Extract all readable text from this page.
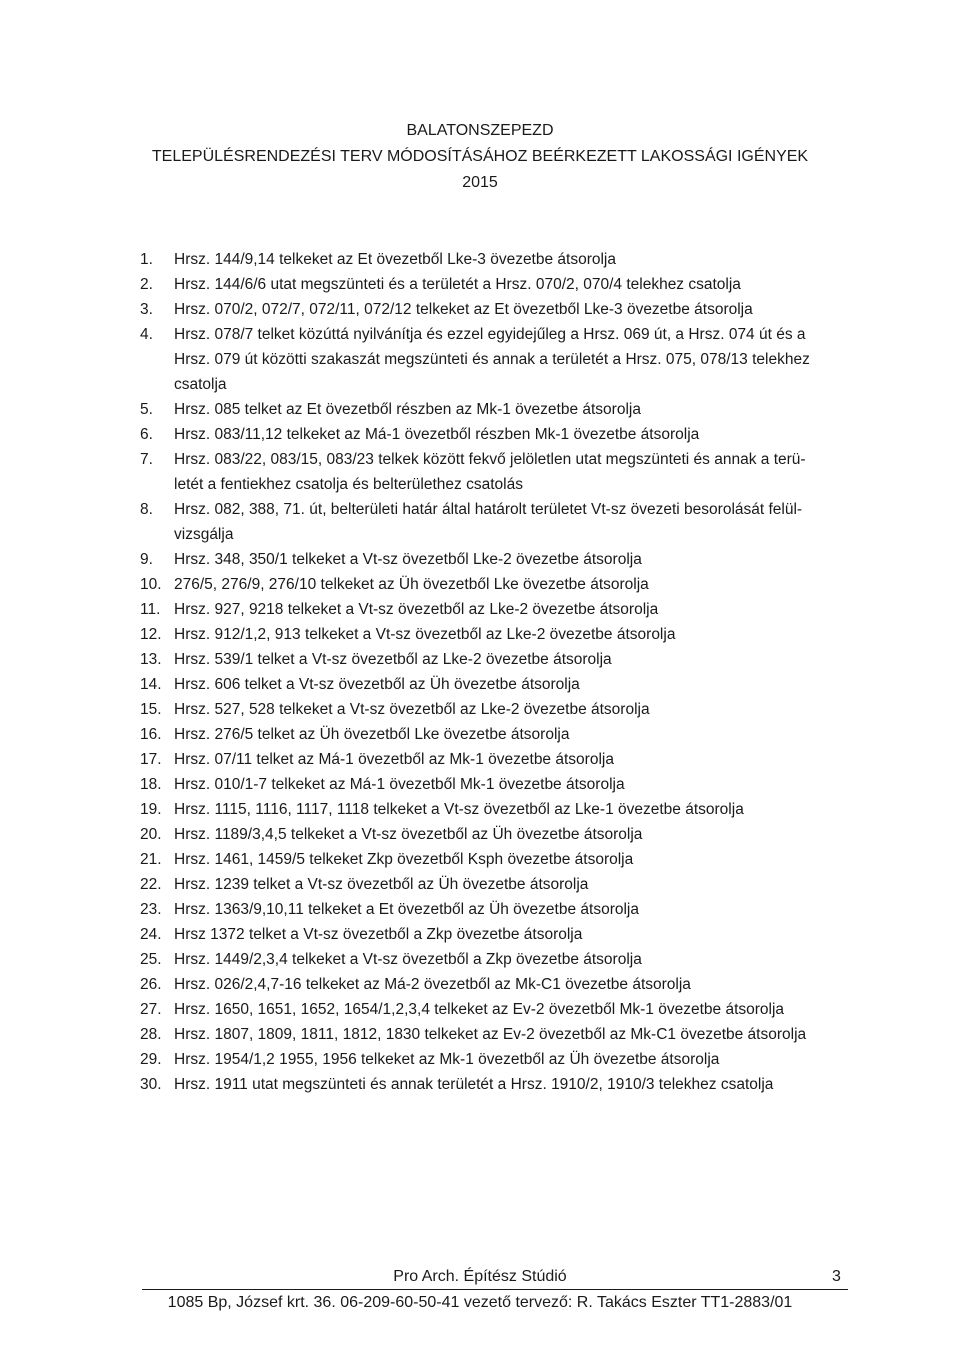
BALATONSZEPEZD
TELEPÜLÉSRENDEZÉSI TERV MÓDOSÍTÁSÁHOZ BEÉRKEZETT LAKOSSÁGI IGÉNYEK
2015
1.	Hrsz. 144/9,14 telkeket az Et övezetből Lke-3 övezetbe átsorolja
2.	Hrsz. 144/6/6 utat megszünteti és a területét a Hrsz. 070/2, 070/4 telekhez csatolja
3.	Hrsz. 070/2, 072/7, 072/11, 072/12 telkeket az Et övezetből Lke-3 övezetbe átsorolja
4.	Hrsz. 078/7 telket közúttá nyilvánítja és ezzel egyidejűleg a Hrsz. 069 út, a Hrsz. 074 út és a
Hrsz. 079 út közötti szakaszát megszünteti és annak a területét a Hrsz. 075, 078/13 telekhez
csatolja
5.	Hrsz. 085 telket az Et övezetből részben az Mk-1 övezetbe átsorolja
6.	Hrsz. 083/11,12 telkeket az Má-1 övezetből részben Mk-1 övezetbe átsorolja
7.	Hrsz. 083/22, 083/15, 083/23 telkek között fekvő jelöletlen utat megszünteti és annak a terü-
letét a fentiekhez csatolja és belterülethez csatolás
8.	Hrsz. 082, 388, 71. út, belterületi határ által határolt területet Vt-sz övezeti besorolását felül-
vizsgálja
9.	Hrsz. 348, 350/1 telkeket a Vt-sz övezetből Lke-2 övezetbe átsorolja
10. 276/5, 276/9, 276/10 telkeket az Üh övezetből Lke övezetbe átsorolja
11. Hrsz. 927, 9218 telkeket a Vt-sz övezetből az Lke-2 övezetbe átsorolja
12. Hrsz. 912/1,2, 913 telkeket a Vt-sz övezetből az Lke-2 övezetbe átsorolja
13. Hrsz. 539/1 telket a Vt-sz övezetből az Lke-2 övezetbe átsorolja
14. Hrsz. 606 telket a Vt-sz övezetből az Üh övezetbe átsorolja
15. Hrsz. 527, 528 telkeket a Vt-sz övezetből az Lke-2 övezetbe átsorolja
16. Hrsz. 276/5 telket az Üh övezetből Lke övezetbe átsorolja
17. Hrsz. 07/11 telket az Má-1 övezetből az Mk-1 övezetbe átsorolja
18. Hrsz. 010/1-7 telkeket az Má-1 övezetből Mk-1 övezetbe átsorolja
19. Hrsz. 1115, 1116, 1117, 1118 telkeket a Vt-sz övezetből az Lke-1 övezetbe átsorolja
20. Hrsz. 1189/3,4,5 telkeket a Vt-sz övezetből az Üh övezetbe átsorolja
21. Hrsz. 1461, 1459/5 telkeket Zkp övezetből Ksph övezetbe átsorolja
22. Hrsz. 1239 telket a Vt-sz övezetből az Üh övezetbe átsorolja
23. Hrsz. 1363/9,10,11 telkeket a Et övezetből az Üh övezetbe átsorolja
24. Hrsz 1372 telket a Vt-sz övezetből a Zkp övezetbe átsorolja
25. Hrsz. 1449/2,3,4 telkeket a Vt-sz övezetből a Zkp övezetbe átsorolja
26. Hrsz. 026/2,4,7-16 telkeket az Má-2 övezetből az Mk-C1 övezetbe átsorolja
27. Hrsz. 1650, 1651, 1652, 1654/1,2,3,4 telkeket az Ev-2 övezetből Mk-1 övezetbe átsorolja
28. Hrsz. 1807, 1809, 1811, 1812, 1830 telkeket az Ev-2 övezetből az Mk-C1 övezetbe átsorolja
29. Hrsz. 1954/1,2 1955, 1956 telkeket az Mk-1 övezetből az Üh övezetbe átsorolja
30. Hrsz. 1911 utat megszünteti és annak területét a Hrsz. 1910/2, 1910/3 telekhez csatolja
Pro Arch. Építész Stúdió	3
1085 Bp, József krt. 36. 06-209-60-50-41 vezető tervező: R. Takács Eszter TT1-2883/01
